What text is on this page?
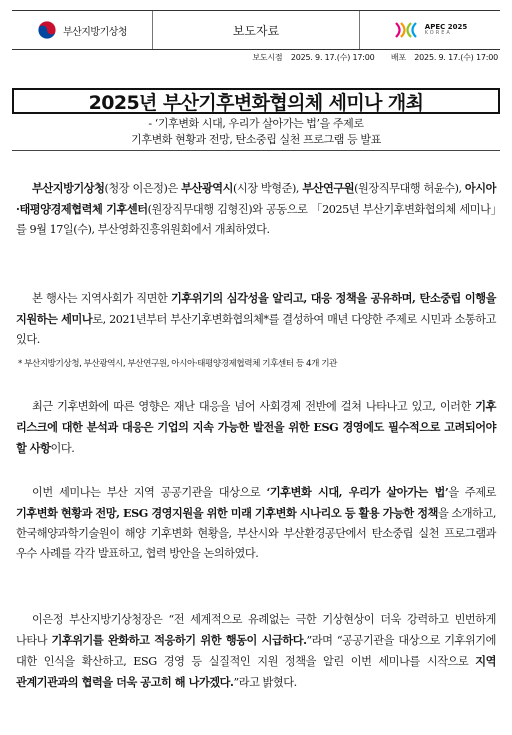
부산지방기상청	보도자료	APEC 2025
KOREA
보도시점 2025. 9. 17.(수) 17:00 배포 2025. 9. 17.(수) 17:00
2025년 부산기후변화협의체 세미나 개최
- ‘기후변화 시대, 우리가 살아가는 법’을 주제로
기후변화 현황과 전망, 탄소중립 실천 프로그램 등 발표
부산지방기상청(청장 이은정)은 부산광역시(시장 박형준), 부산연구원(원장직무대행 허윤수), 아시아·태평양경제협력체 기후센터(원장직무대행 김형진)와 공동으로 「2025년 부산기후변화협의체 세미나」를 9월 17일(수), 부산영화진흥위원회에서 개최하였다.
본 행사는 지역사회가 직면한 기후위기의 심각성을 알리고, 대응 정책을 공유하며, 탄소중립 이행을 지원하는 세미나로, 2021년부터 부산기후변화협의체*를 결성하여 매년 다양한 주제로 시민과 소통하고 있다.
* 부산지방기상청, 부산광역시, 부산연구원, 아시아·태평양경제협력체 기후센터 등 4개 기관
최근 기후변화에 따른 영향은 재난 대응을 넘어 사회경제 전반에 걸쳐 나타나고 있고, 이러한 기후 리스크에 대한 분석과 대응은 기업의 지속 가능한 발전을 위한 ESG 경영에도 필수적으로 고려되어야 할 사항이다.
이번 세미나는 부산 지역 공공기관을 대상으로 ‘기후변화 시대, 우리가 살아가는 법’을 주제로 기후변화 현황과 전망, ESG 경영지원을 위한 미래 기후변화 시나리오 등 활용 가능한 정책을 소개하고, 한국해양과학기술원이 해양 기후변화 현황을, 부산시와 부산환경공단에서 탄소중립 실천 프로그램과 우수 사례를 각각 발표하고, 협력 방안을 논의하였다.
이은정 부산지방기상청장은 “전 세계적으로 유례없는 극한 기상현상이 더욱 강력하고 빈번하게 나타나 기후위기를 완화하고 적응하기 위한 행동이 시급하다.”라며 “공공기관을 대상으로 기후위기에 대한 인식을 확산하고, ESG 경영 등 실질적인 지원 정책을 알린 이번 세미나를 시작으로 지역 관계기관과의 협력을 더욱 공고히 해 나가겠다.”라고 밝혔다.
